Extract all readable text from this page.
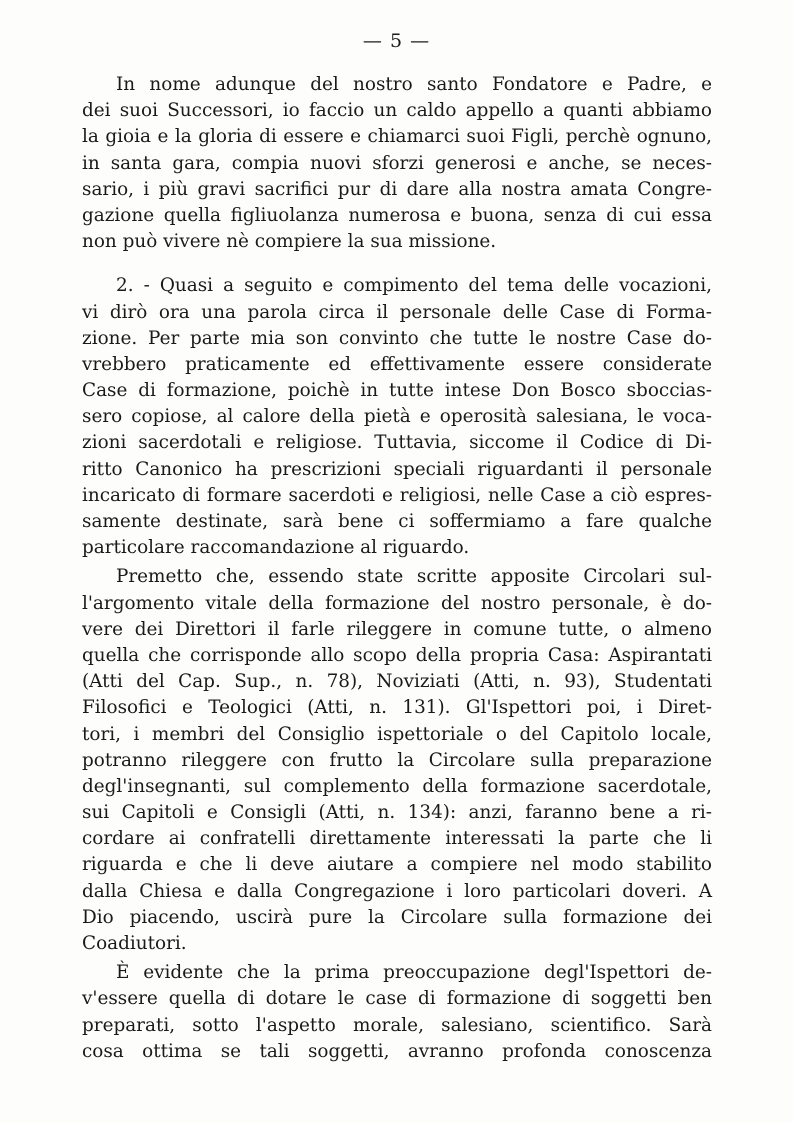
— 5 —
In nome adunque del nostro santo Fondatore e Padre, e
dei suoi Successori, io faccio un caldo appello a quanti abbiamo
la gioia e la gloria di essere e chiamarci suoi Figli, perchè ognuno,
in santa gara, compia nuovi sforzi generosi e anche, se neces-
sario, i più gravi sacrifici pur di dare alla nostra amata Congre-
gazione quella figliuolanza numerosa e buona, senza di cui essa
non può vivere nè compiere la sua missione.
2. - Quasi a seguito e compimento del tema delle vocazioni,
vi dirò ora una parola circa il personale delle Case di Forma-
zione. Per parte mia son convinto che tutte le nostre Case do-
vrebbero praticamente ed effettivamente essere considerate
Case di formazione, poichè in tutte intese Don Bosco sboccias-
sero copiose, al calore della pietà e operosità salesiana, le voca-
zioni sacerdotali e religiose. Tuttavia, siccome il Codice di Di-
ritto Canonico ha prescrizioni speciali riguardanti il personale
incaricato di formare sacerdoti e religiosi, nelle Case a ciò espres-
samente destinate, sarà bene ci soffermiamo a fare qualche
particolare raccomandazione al riguardo.
Premetto che, essendo state scritte apposite Circolari sul-
l'argomento vitale della formazione del nostro personale, è do-
vere dei Direttori il farle rileggere in comune tutte, o almeno
quella che corrisponde allo scopo della propria Casa: Aspirantati
(Atti del Cap. Sup., n. 78), Noviziati (Atti, n. 93), Studentati
Filosofici e Teologici (Atti, n. 131). Gl'Ispettori poi, i Diret-
tori, i membri del Consiglio ispettoriale o del Capitolo locale,
potranno rileggere con frutto la Circolare sulla preparazione
degl'insegnanti, sul complemento della formazione sacerdotale,
sui Capitoli e Consigli (Atti, n. 134): anzi, faranno bene a ri-
cordare ai confratelli direttamente interessati la parte che li
riguarda e che li deve aiutare a compiere nel modo stabilito
dalla Chiesa e dalla Congregazione i loro particolari doveri. A
Dio piacendo, uscirà pure la Circolare sulla formazione dei
Coadiutori.
È evidente che la prima preoccupazione degl'Ispettori de-
v'essere quella di dotare le case di formazione di soggetti ben
preparati, sotto l'aspetto morale, salesiano, scientifico. Sarà
cosa ottima se tali soggetti, avranno profonda conoscenza
